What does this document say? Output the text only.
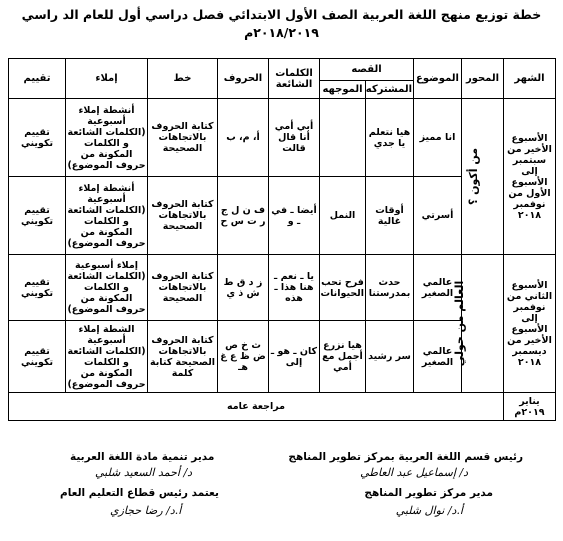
خطة توزيع منهج اللغة العربية الصف الأول الابتدائي فصل دراسي أول للعام الد راسي
٢٠١٨/٢٠١٩م
الشهر	المحور	الموضوع	القصه		الكلمات الشائعة	الحروف	خط	إملاء	تقييم
			المشتركه	الموجهه					
الأسبوع الأخير من سبتمبر إلى الأسبوع الأول من نوفمبر ٢٠١٨	من أكون ؟	انا مميز	هيا نتعلم يا جدي		أبي أمي أنا قال قالت	أ، م، ب	كتابة الحروف بالاتجاهات الصحيحة	أنشطة إملاء أسبوعية (الكلمات الشائعة و الكلمات المكونة من حروف الموضوع)	تقييم تكويني
		أسرتي	أوقات غالية	النمل	أيضا ـ في ـ و	ف ن ل ج ر ت س ح	كتابة الحروف بالاتجاهات الصحيحة	أنشطة إملاء أسبوعية (الكلمات الشائعة و الكلمات المكونة من حروف الموضوع)	تقييم تكويني
الأسبوع الثاني من نوفمبر إلى الأسبوع الأخير من ديسمبر ٢٠١٨	العالم من حولي	عالمي الصغير	حدث بمدرستنا	فرح تحب الحيوانات	يا ـ نعم ـ هنا هذا ـ هذه	ز د ق ط ش ذ ي	كتابة الحروف بالاتجاهات الصحيحة	إملاء أسبوعية (الكلمات الشائعة و الكلمات المكونة من حروف الموضوع)	تقييم تكويني
		عالمي الصغير	سر رشيد	هيا نزرع أجمل مع أمي	كان ـ هو ـ إلى	ث خ ص ض ظ ع غ هـ	كتابة الحروف بالاتجاهات الصحيحة كتابة كلمة	الشطة إملاء أسبوعية (الكلمات الشائعة و الكلمات المكونة من حروف الموضوع)	تقييم تكويني
يناير ٢٠١٩م	مراجعة عامه								
رئيس قسم اللغة العربية بمركز تطوير المناهج
مدير تنمية مادة اللغة العربية
د/ إسماعيل عبد العاطي
د/ أحمد السعيد شلبي
مدير مركز تطوير المناهج
يعتمد رئيس قطاع التعليم العام
أ.د/ نوال شلبي
أ.د/ رضا حجازي
